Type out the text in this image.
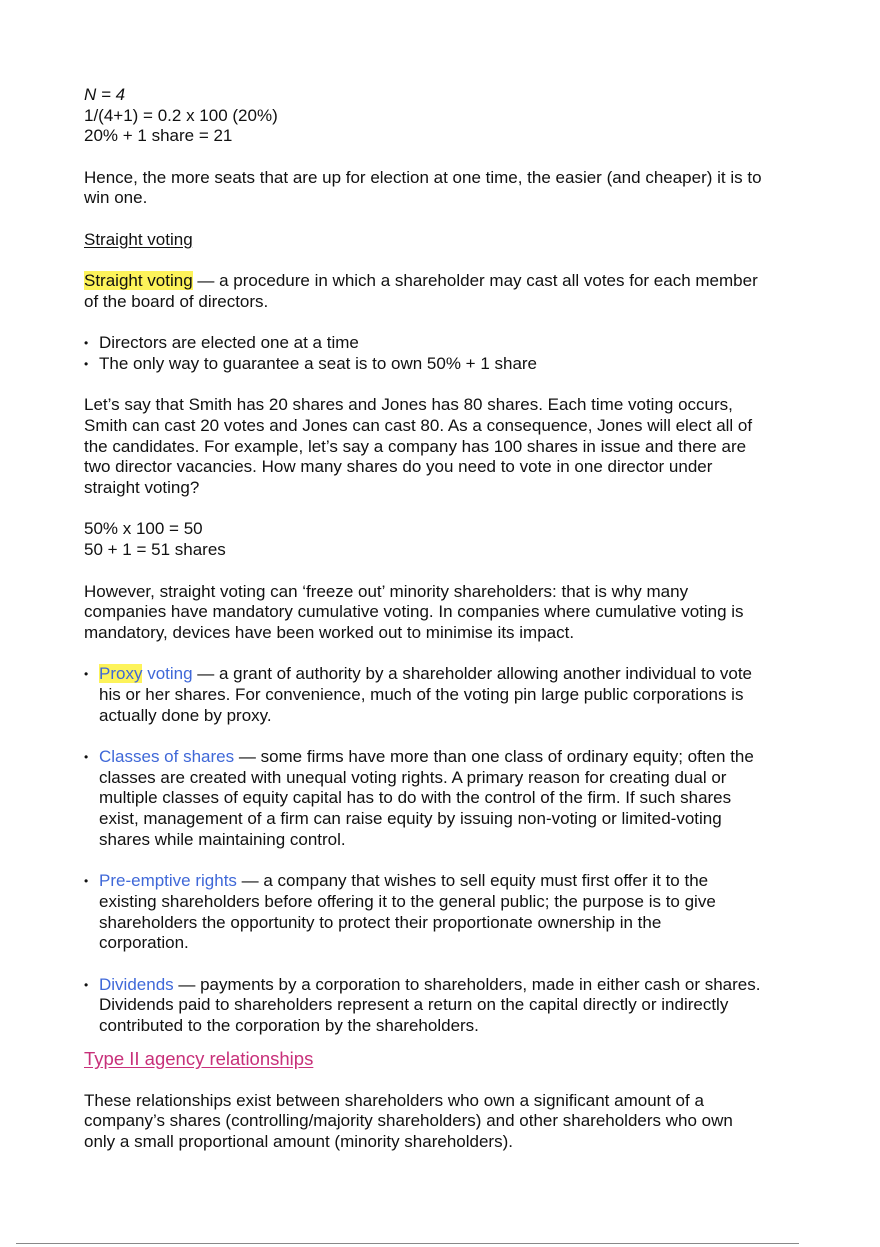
N = 4
1/(4+1) = 0.2 x 100 (20%)
20% + 1 share = 21
Hence, the more seats that are up for election at one time, the easier (and cheaper) it is to
win one.
Straight voting
Straight voting — a procedure in which a shareholder may cast all votes for each member
of the board of directors.
• Directors are elected one at a time
• The only way to guarantee a seat is to own 50% + 1 share
Let’s say that Smith has 20 shares and Jones has 80 shares. Each time voting occurs,
Smith can cast 20 votes and Jones can cast 80. As a consequence, Jones will elect all of
the candidates. For example, let’s say a company has 100 shares in issue and there are
two director vacancies. How many shares do you need to vote in one director under
straight voting?
50% x 100 = 50
50 + 1 = 51 shares
However, straight voting can ‘freeze out’ minority shareholders: that is why many
companies have mandatory cumulative voting. In companies where cumulative voting is
mandatory, devices have been worked out to minimise its impact.
• Proxy voting — a grant of authority by a shareholder allowing another individual to vote
his or her shares. For convenience, much of the voting pin large public corporations is
actually done by proxy.
• Classes of shares — some firms have more than one class of ordinary equity; often the
classes are created with unequal voting rights. A primary reason for creating dual or
multiple classes of equity capital has to do with the control of the firm. If such shares
exist, management of a firm can raise equity by issuing non-voting or limited-voting
shares while maintaining control.
• Pre-emptive rights — a company that wishes to sell equity must first offer it to the
existing shareholders before offering it to the general public; the purpose is to give
shareholders the opportunity to protect their proportionate ownership in the
corporation.
• Dividends — payments by a corporation to shareholders, made in either cash or shares.
Dividends paid to shareholders represent a return on the capital directly or indirectly
contributed to the corporation by the shareholders.
Type II agency relationships
These relationships exist between shareholders who own a significant amount of a
company’s shares (controlling/majority shareholders) and other shareholders who own
only a small proportional amount (minority shareholders).
